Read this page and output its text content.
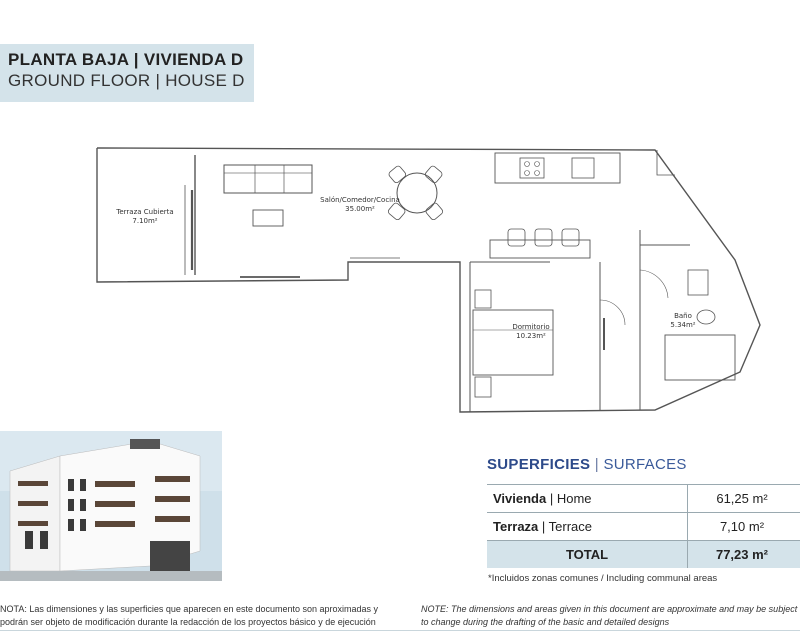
PLANTA BAJA | VIVIENDA D
GROUND FLOOR | HOUSE D
Terraza Cubierta
7.10m²
Salón/Comedor/Cocina
35.00m²
Dormitorio
10.23m²
Baño
5.34m²
SUPERFICIES | SURFACES
Vivienda | Home	61,25 m²
Terraza | Terrace	7,10 m²
TOTAL	77,23 m²
*Incluidos zonas comunes / Including communal areas
NOTA: Las dimensiones y las superficies que aparecen en este documento son aproximadas y
podrán ser objeto de modificación durante la redacción de los proyectos básico y de ejecución
NOTE: The dimensions and areas given in this document are approximate and may be subject
to change during the drafting of the basic and detailed designs
